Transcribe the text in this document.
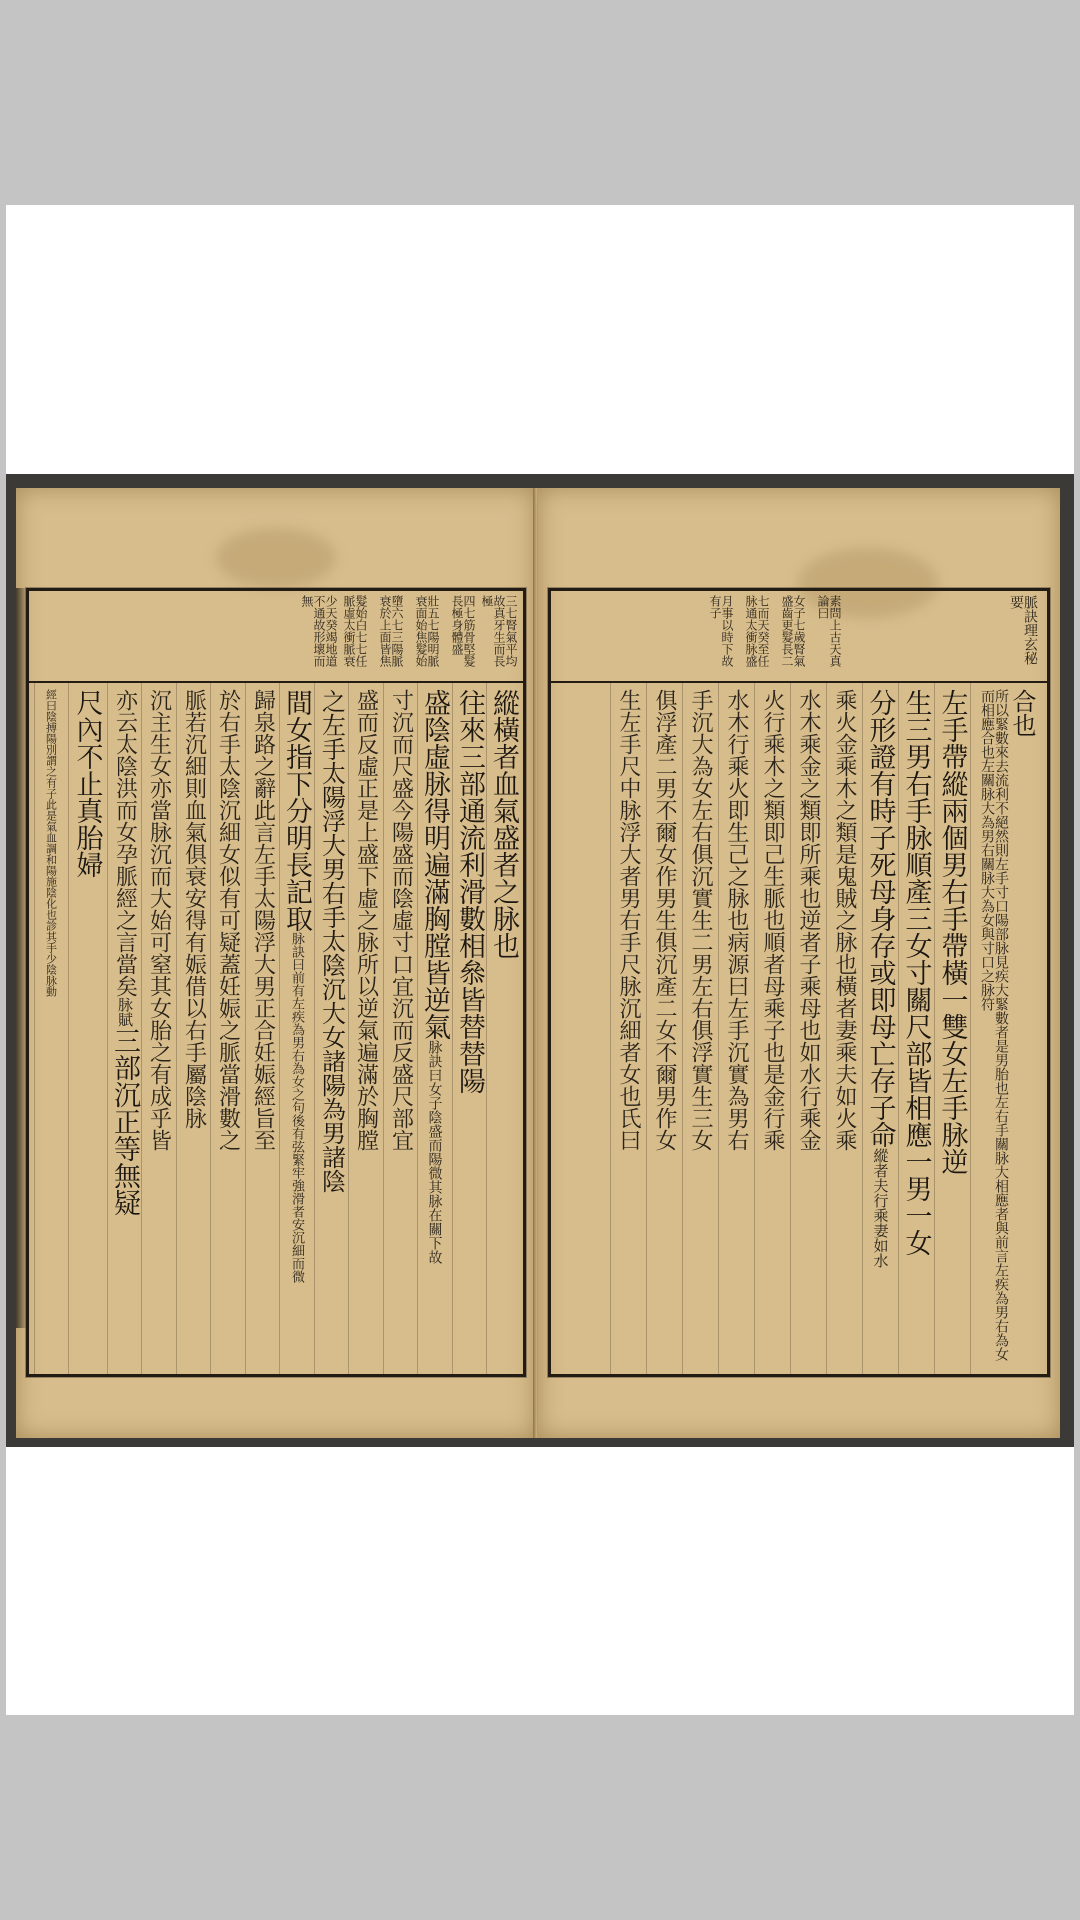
三七腎氣平均故真牙生而長極
四七筋骨堅髮長極身體盛
壯五七陽明脈衰面始焦髮始
墮六七三陽脈衰於上面皆焦
髮始白七七任脈虛太衝脈衰
少天癸竭地道不通故形壞而無
縱橫者血氣盛者之脉也
往來三部通流利滑數相叅皆替替陽
盛陰虛脉得明遍滿胸膛皆逆氣
脉訣曰女子陰盛而陽微其脉在關下故
寸沉而尺盛今陽盛而陰虛寸口宜沉而反盛尺部宜
盛而反虛正是上盛下虛之脉所以逆氣遍滿於胸膛
之左手太陽浮大男右手太陰沉大女諸陽為男諸陰
間女指下分明長記取
脉訣曰前有左疾為男右為女之句後有弦緊牢強滑者安沉細而微
歸泉路之辭此言左手太陽浮大男正合妊娠經旨至
於右手太陰沉細女似有可疑蓋妊娠之脈當滑數之
脈若沉細則血氣俱衰安得有娠借以右手屬陰脉
沉主生女亦當脉沉而大始可窒其女胎之有成乎皆
亦云太陰洪而女孕脈經之言當矣
脉賦
三部沉正等無疑
尺內不止真胎婦
經曰陰搏陽別謂之有子此是氣血調和陽施陰化也診其手少陰脉動
脈訣理玄秘要
素問上古天真論曰
女子七歲腎氣盛齒更髮長二
七而天癸至任脉通太衝脉盛
月事以時下故有子
所以緊數來去流利不絕然則左手寸口陽部脉見疾大緊數者是男胎也左右手關脉大相應者與前言左疾為男右為女而相應合也左關脉大為男右關脉大為女與寸口之脉符 合也
左手帶縱兩個男右手帶橫一雙女左手脉逆
生三男右手脉順產三女寸關尺部皆相應一男一女
分形證有時子死母身存或即母亡存子命
縱者夫行乘妻如水
乘火金乘木之類是鬼賊之脉也橫者妻乘夫如火乘
水木乘金之類即所乘也逆者子乘母也如水行乘金
火行乘木之類即己生脈也順者母乘子也是金行乘
水木行乘火即生己之脉也病源曰左手沉實為男右
手沉大為女左右俱沉實生二男左右俱浮實生三女
俱浮產二男不爾女作男生俱沉產二女不爾男作女
生左手尺中脉浮大者男右手尺脉沉細者女也氏曰
